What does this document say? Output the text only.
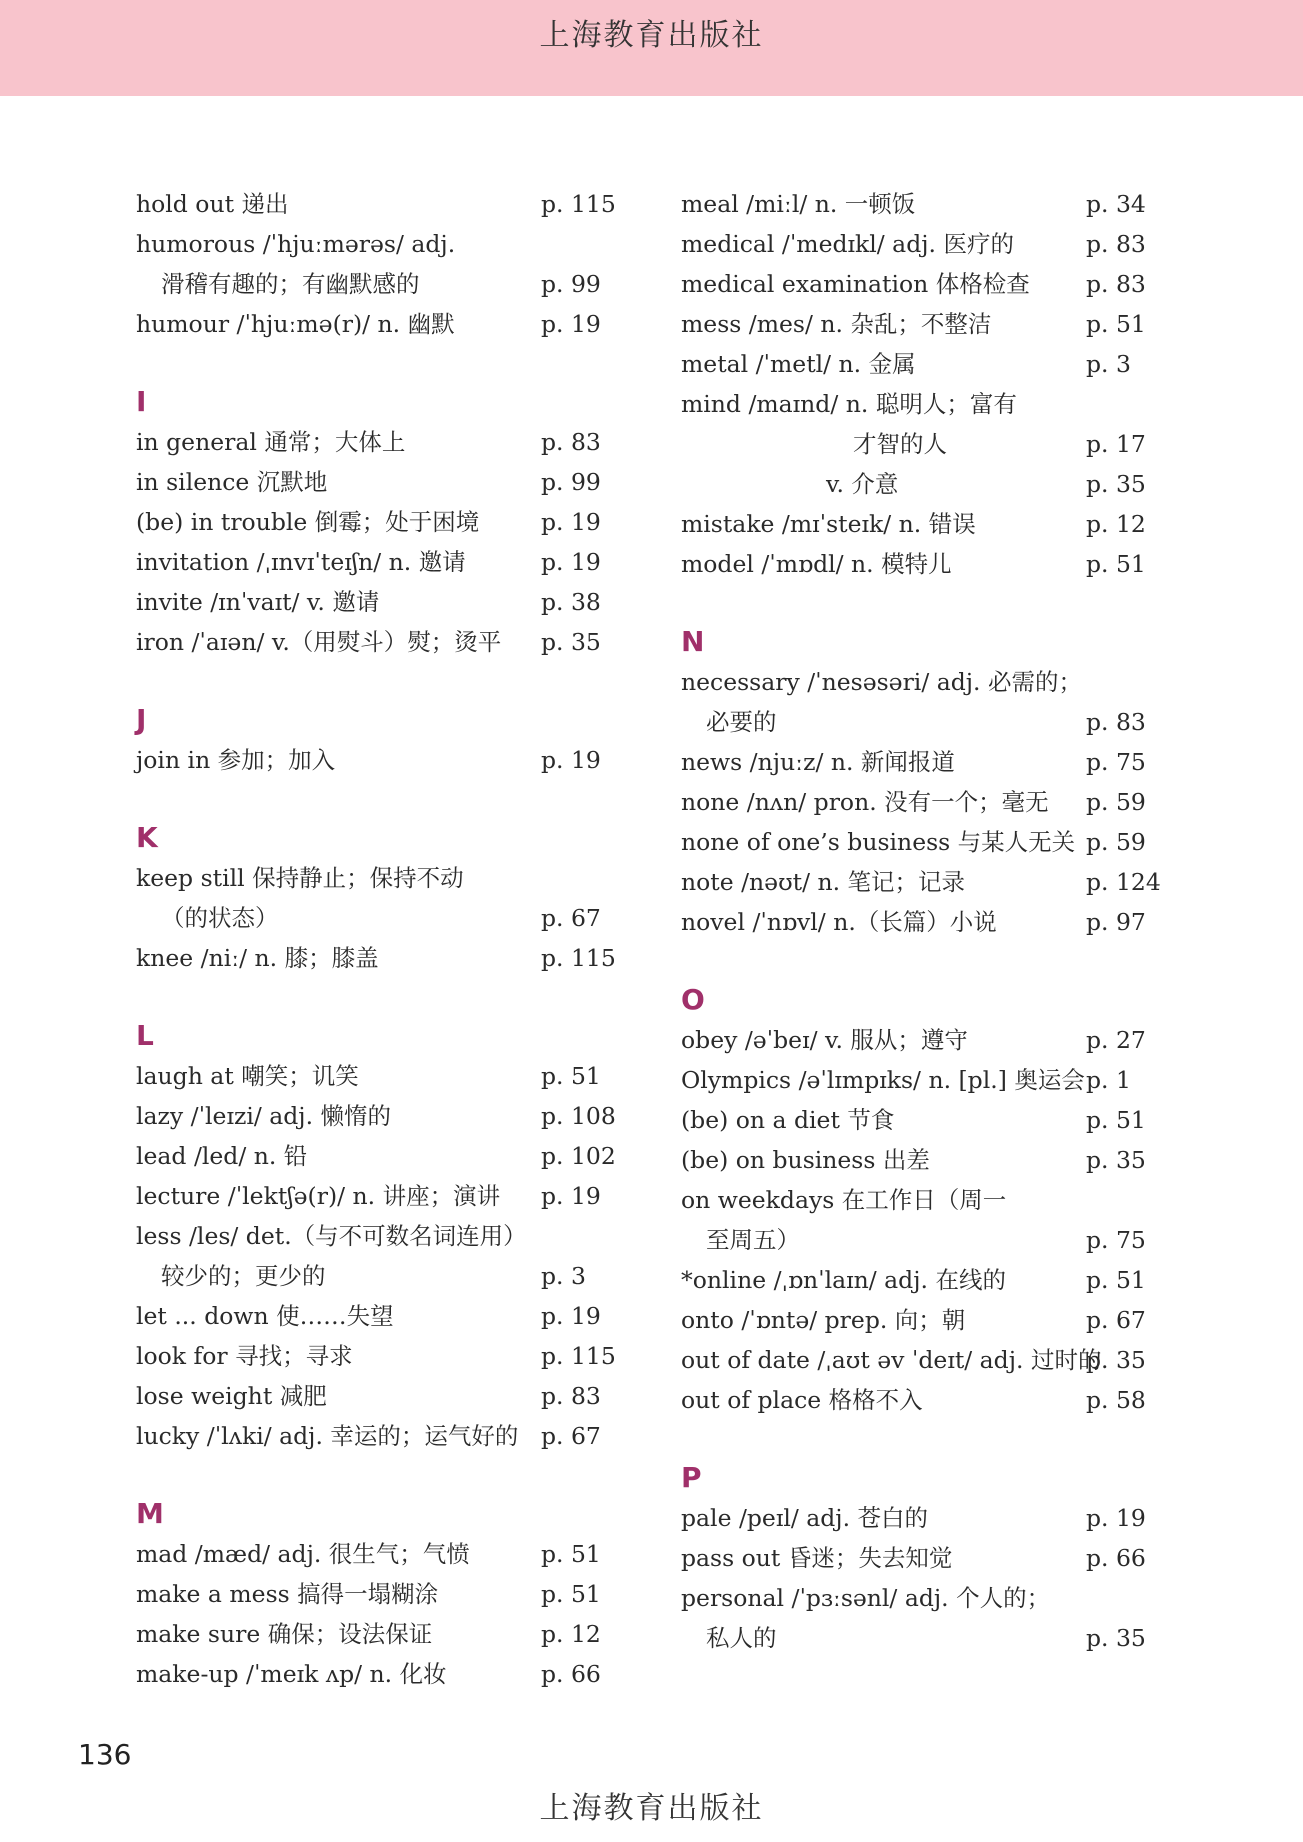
上海教育出版社
hold out 递出	p. 115
humorous /ˈhjuːmərəs/ adj.
滑稽有趣的；有幽默感的	p. 99
humour /ˈhjuːmə(r)/ n. 幽默	p. 19
I
in general 通常；大体上	p. 83
in silence 沉默地	p. 99
(be) in trouble 倒霉；处于困境	p. 19
invitation /ˌɪnvɪˈteɪʃn/ n. 邀请	p. 19
invite /ɪnˈvaɪt/ v. 邀请	p. 38
iron /ˈaɪən/ v.（用熨斗）熨；烫平 p. 35
J
join in 参加；加入	p. 19
K
keep still 保持静止；保持不动
（的状态）	p. 67
knee /niː/ n. 膝；膝盖	p. 115
L
laugh at 嘲笑；讥笑	p. 51
lazy /ˈleɪzi/ adj. 懒惰的	p. 108
lead /led/ n. 铅	p. 102
lecture /ˈlektʃə(r)/ n. 讲座；演讲 p. 19
less /les/ det.（与不可数名词连用）
较少的；更少的	p. 3
let ... down 使……失望	p. 19
look for 寻找；寻求	p. 115
lose weight 减肥	p. 83
lucky /ˈlʌki/ adj. 幸运的；运气好的 p. 67
M
mad /mæd/ adj. 很生气；气愤	p. 51
make a mess 搞得一塌糊涂	p. 51
make sure 确保；设法保证	p. 12
make-up /ˈmeɪk ʌp/ n. 化妆	p. 66
meal /miːl/ n. 一顿饭	p. 34
medical /ˈmedɪkl/ adj. 医疗的	p. 83
medical examination 体格检查 p. 83
mess /mes/ n. 杂乱；不整洁	p. 51
metal /ˈmetl/ n. 金属	p. 3
mind /maɪnd/ n. 聪明人；富有
才智的人	p. 17
v. 介意	p. 35
mistake /mɪˈsteɪk/ n. 错误	p. 12
model /ˈmɒdl/ n. 模特儿	p. 51
N
necessary /ˈnesəsəri/ adj. 必需的；
必要的	p. 83
news /njuːz/ n. 新闻报道	p. 75
none /nʌn/ pron. 没有一个；毫无 p. 59
none of one’s business 与某人无关 p. 59
note /nəʊt/ n. 笔记；记录	p. 124
novel /ˈnɒvl/ n.（长篇）小说	p. 97
O
obey /əˈbeɪ/ v. 服从；遵守	p. 27
Olympics /əˈlɪmpɪks/ n. [pl.] 奥运会 p. 1
(be) on a diet 节食	p. 51
(be) on business 出差	p. 35
on weekdays 在工作日（周一
至周五）	p. 75
*online /ˌɒnˈlaɪn/ adj. 在线的	p. 51
onto /ˈɒntə/ prep. 向；朝	p. 67
out of date /ˌaʊt əv ˈdeɪt/ adj. 过时的
p. 35
out of place 格格不入	p. 58
P
pale /peɪl/ adj. 苍白的	p. 19
pass out 昏迷；失去知觉	p. 66
personal /ˈpɜːsənl/ adj. 个人的；
私人的	p. 35
136
上海教育出版社
